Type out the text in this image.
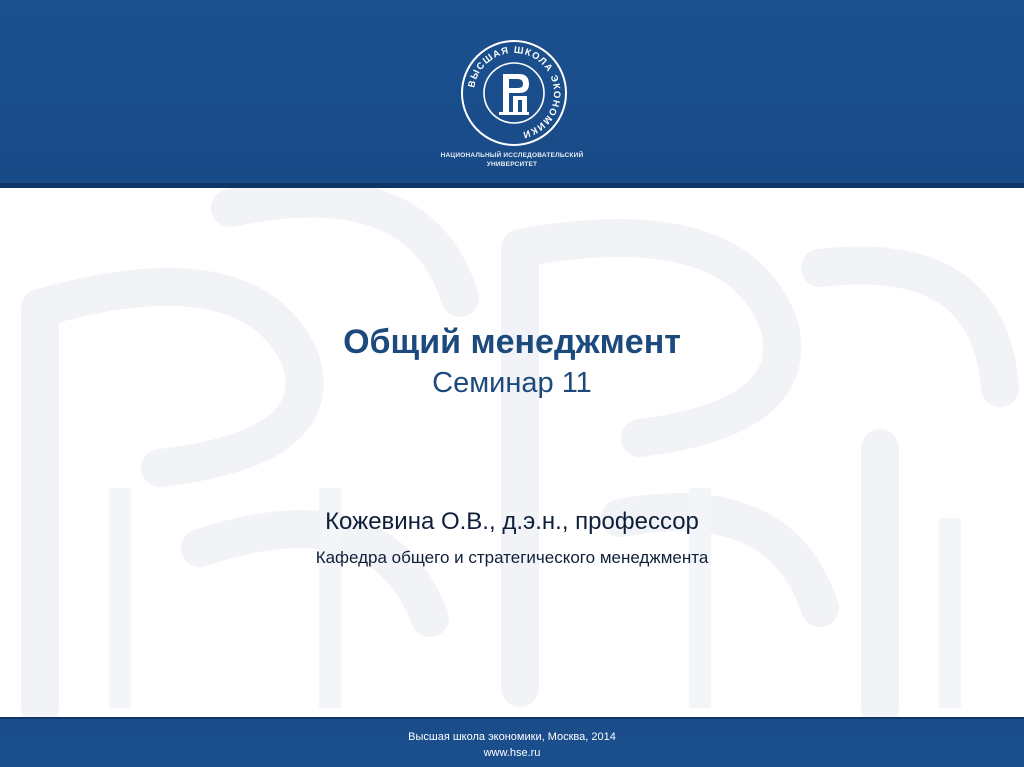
ВЫСШАЯ ШКОЛА ЭКОНОМИКИ
НАЦИОНАЛЬНЫЙ ИССЛЕДОВАТЕЛЬСКИЙ
УНИВЕРСИТЕТ
Общий менеджмент
Семинар 11
Кожевина О.В., д.э.н., профессор
Кафедра общего и стратегического менеджмента
Высшая школа экономики, Москва, 2014
www.hse.ru
